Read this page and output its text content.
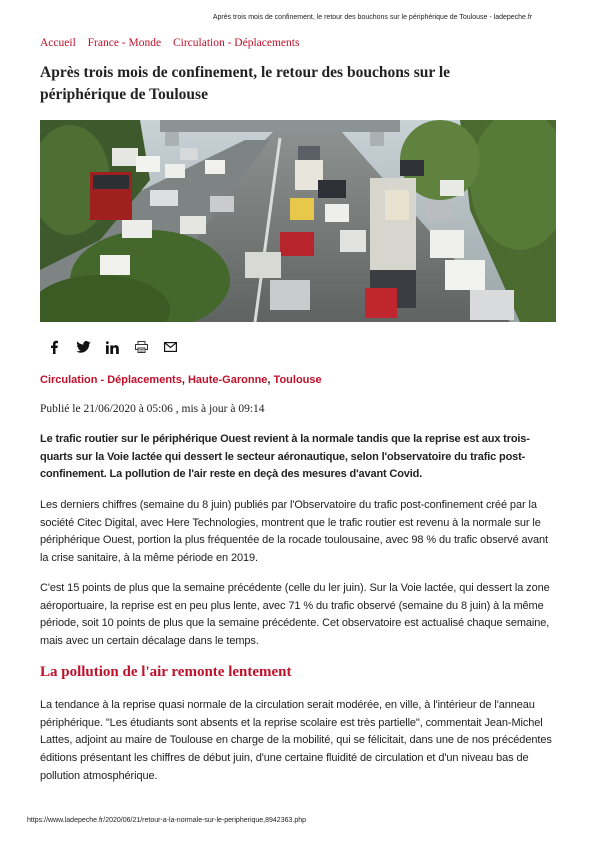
Après trois mois de confinement, le retour des bouchons sur le périphérique de Toulouse - ladepeche.fr
Accueil France - Monde Circulation - Déplacements
Après trois mois de confinement, le retour des bouchons sur le périphérique de Toulouse
Circulation - Déplacements, Haute-Garonne, Toulouse
Publié le 21/06/2020 à 05:06 , mis à jour à 09:14

Le trafic routier sur le périphérique Ouest revient à la normale tandis que la reprise est aux trois-quarts sur la Voie lactée qui dessert le secteur aéronautique, selon l'observatoire du trafic post-confinement. La pollution de l'air reste en deçà des mesures d'avant Covid.

Les derniers chiffres (semaine du 8 juin) publiés par l'Observatoire du trafic post-confinement créé par la société Citec Digital, avec Here Technologies, montrent que le trafic routier est revenu à la normale sur le périphérique Ouest, portion la plus fréquentée de la rocade toulousaine, avec 98 % du trafic observé avant la crise sanitaire, à la même période en 2019.

C'est 15 points de plus que la semaine précédente (celle du ler juin). Sur la Voie lactée, qui dessert la zone aéroportuaire, la reprise est en peu plus lente, avec 71 % du trafic observé (semaine du 8 juin) à la même période, soit 10 points de plus que la semaine précédente. Cet observatoire est actualisé chaque semaine, mais avec un certain décalage dans le temps.

La pollution de l'air remonte lentement

La tendance à la reprise quasi normale de la circulation serait modérée, en ville, à l'intérieur de l'anneau périphérique. "Les étudiants sont absents et la reprise scolaire est très partielle", commentait Jean-Michel Lattes, adjoint au maire de Toulouse en charge de la mobilité, qui se félicitait, dans une de nos précédentes éditions présentant les chiffres de début juin, d'une certaine fluidité de circulation et d'un niveau bas de pollution atmosphérique.

https://www.ladepeche.fr/2020/06/21/retour-a-la-normale-sur-le-peripherique,8942363.php
